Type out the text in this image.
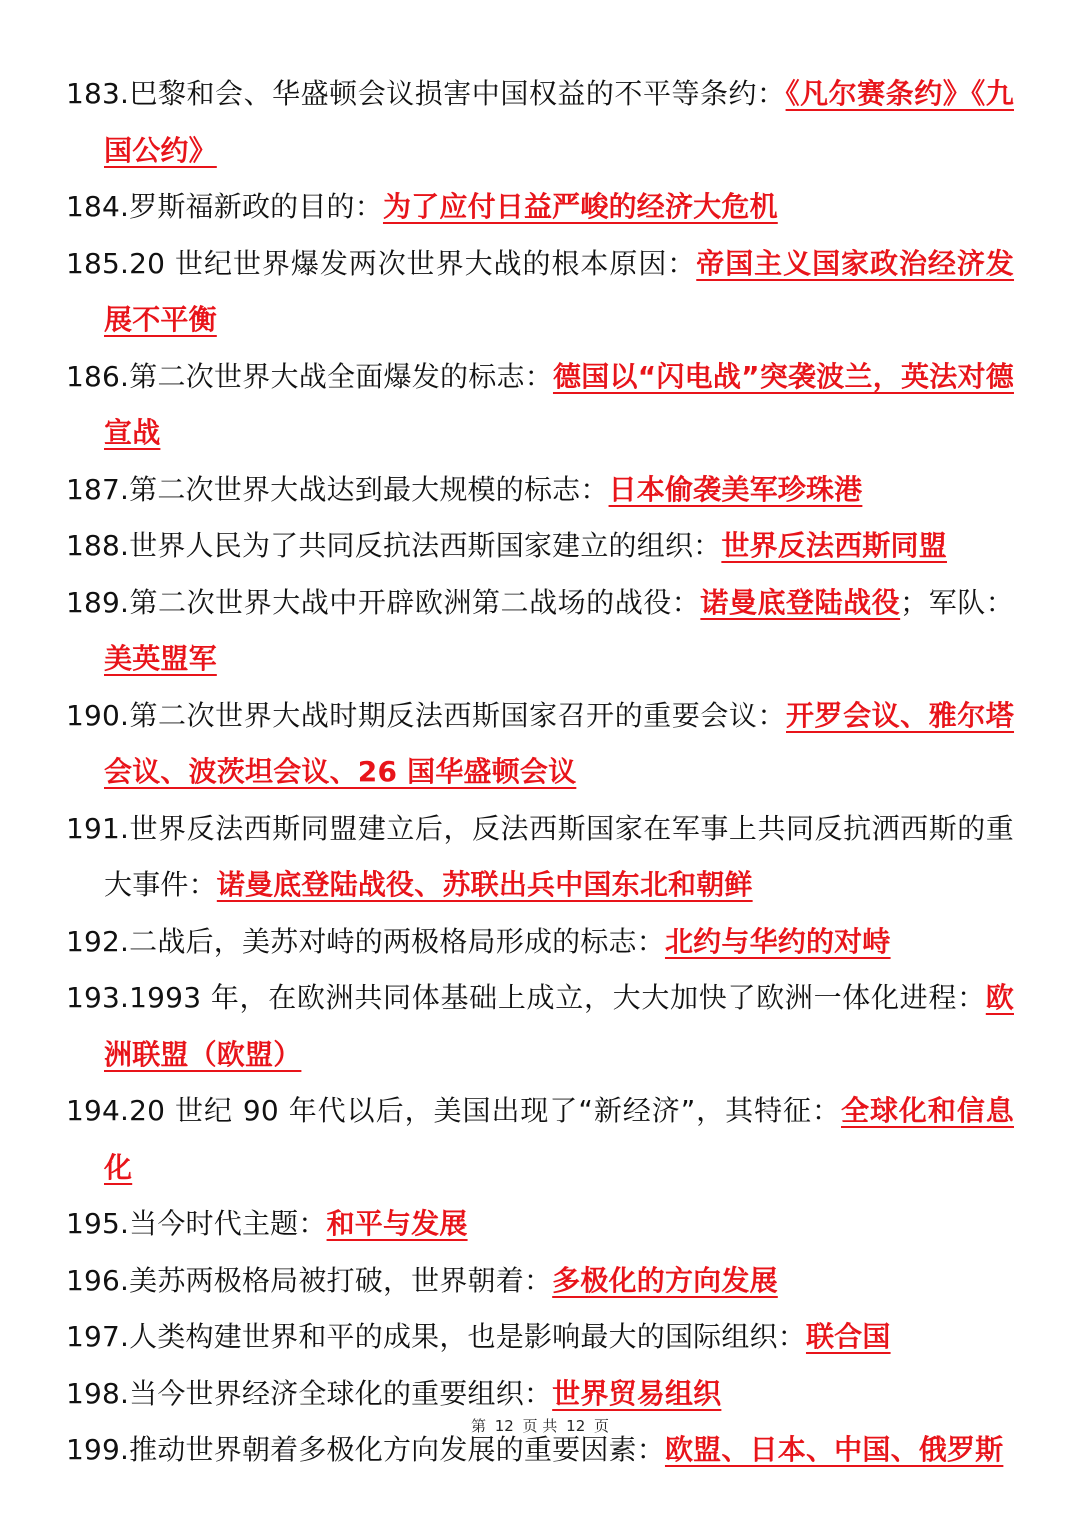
183.巴黎和会、华盛顿会议损害中国权益的不平等条约：《凡尔赛条约》《九国公约》
184.罗斯福新政的目的：为了应付日益严峻的经济大危机
185.20 世纪世界爆发两次世界大战的根本原因：帝国主义国家政治经济发展不平衡
186.第二次世界大战全面爆发的标志：德国以“闪电战”突袭波兰，英法对德宣战
187.第二次世界大战达到最大规模的标志：日本偷袭美军珍珠港
188.世界人民为了共同反抗法西斯国家建立的组织：世界反法西斯同盟
189.第二次世界大战中开辟欧洲第二战场的战役：诺曼底登陆战役；军队：美英盟军
190.第二次世界大战时期反法西斯国家召开的重要会议：开罗会议、雅尔塔会议、波茨坦会议、26 国华盛顿会议
191.世界反法西斯同盟建立后，反法西斯国家在军事上共同反抗洒西斯的重大事件：诺曼底登陆战役、苏联出兵中国东北和朝鲜
192.二战后，美苏对峙的两极格局形成的标志：北约与华约的对峙
193.1993 年，在欧洲共同体基础上成立，大大加快了欧洲一体化进程：欧洲联盟（欧盟）
194.20 世纪 90 年代以后，美国出现了“新经济”，其特征：全球化和信息化
195.当今时代主题：和平与发展
196.美苏两极格局被打破，世界朝着：多极化的方向发展
197.人类构建世界和平的成果，也是影响最大的国际组织：联合国
198.当今世界经济全球化的重要组织：世界贸易组织
199.推动世界朝着多极化方向发展的重要因素：欧盟、日本、中国、俄罗斯
第 12 页 共 12 页
